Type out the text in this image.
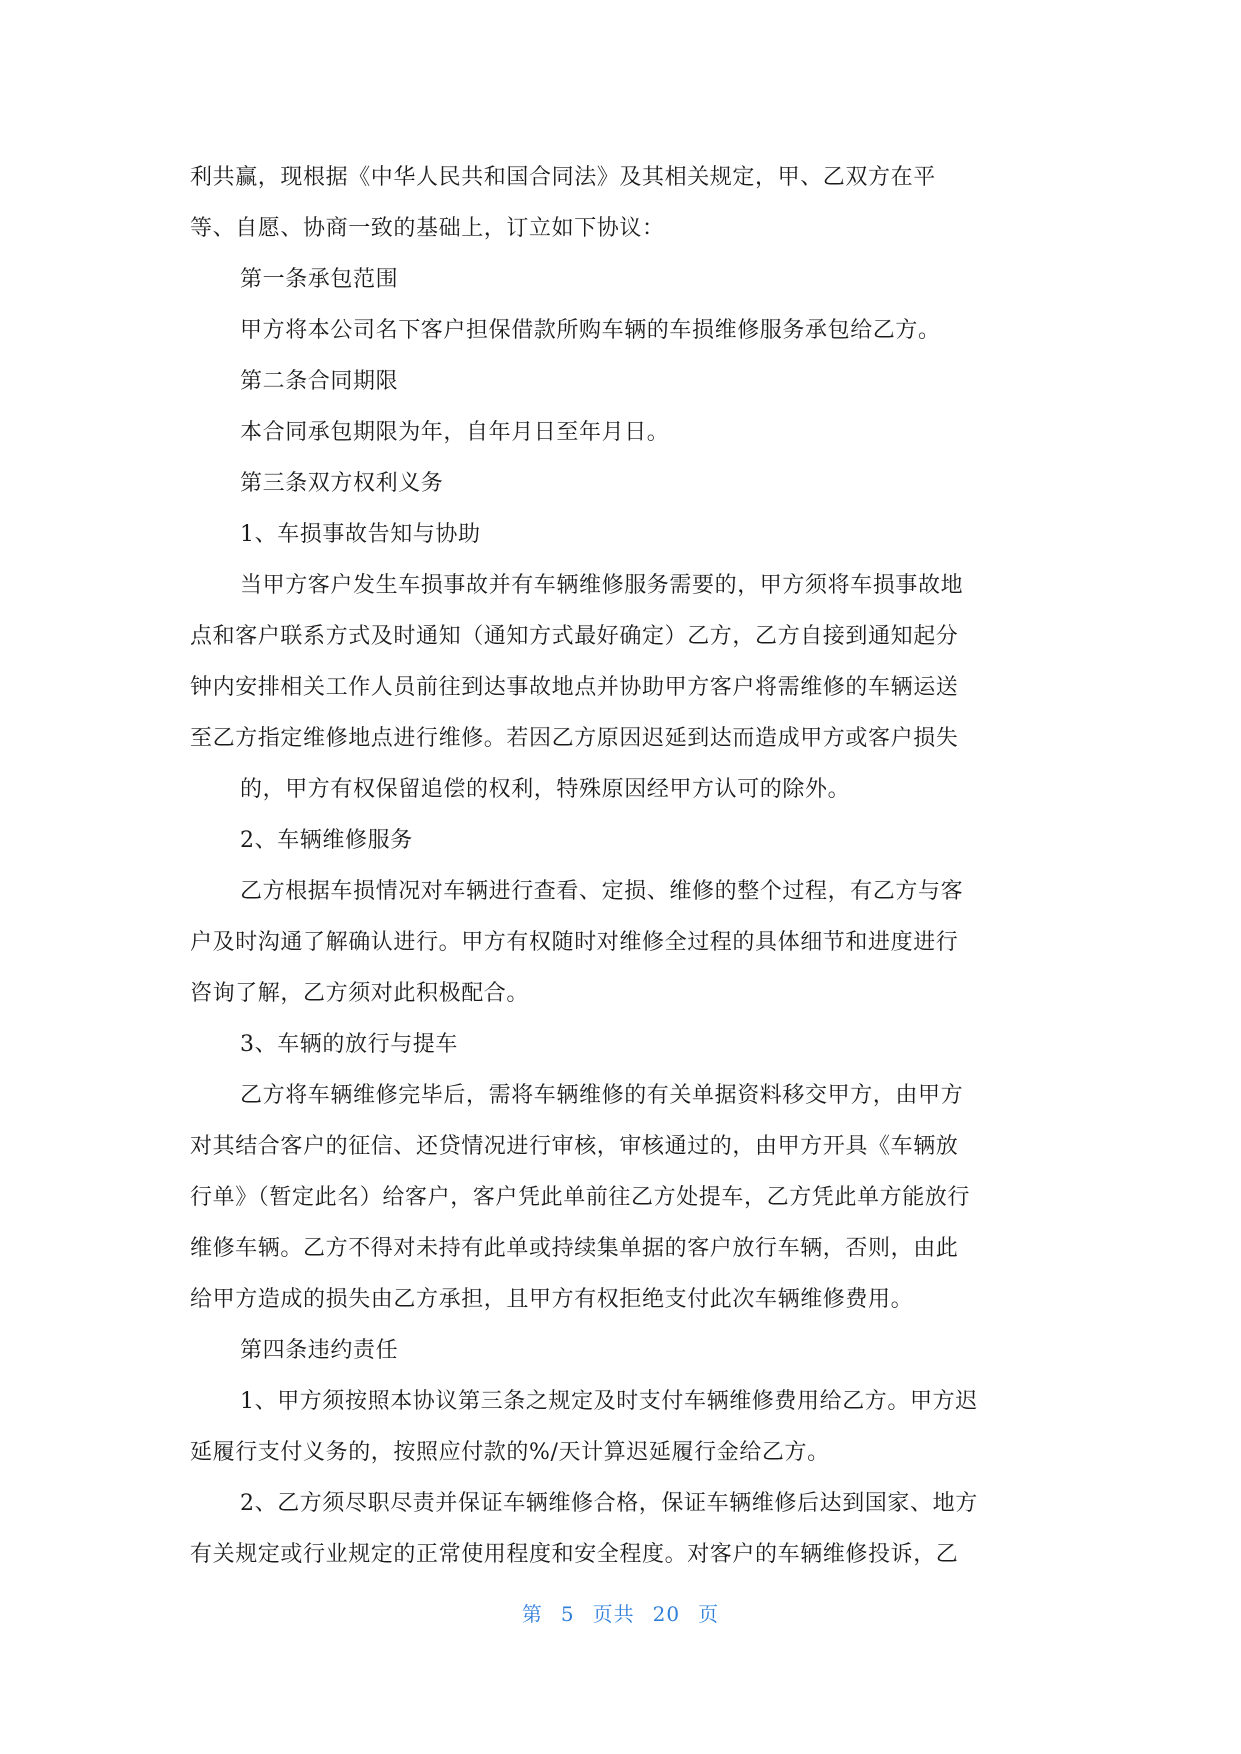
利共赢，现根据《中华人民共和国合同法》及其相关规定，甲、乙双方在平
等、自愿、协商一致的基础上，订立如下协议：
第一条承包范围
甲方将本公司名下客户担保借款所购车辆的车损维修服务承包给乙方。
第二条合同期限
本合同承包期限为年，自年月日至年月日。
第三条双方权利义务
1、车损事故告知与协助
当甲方客户发生车损事故并有车辆维修服务需要的，甲方须将车损事故地
点和客户联系方式及时通知（通知方式最好确定）乙方，乙方自接到通知起分
钟内安排相关工作人员前往到达事故地点并协助甲方客户将需维修的车辆运送
至乙方指定维修地点进行维修。若因乙方原因迟延到达而造成甲方或客户损失
的，甲方有权保留追偿的权利，特殊原因经甲方认可的除外。
2、车辆维修服务
乙方根据车损情况对车辆进行查看、定损、维修的整个过程，有乙方与客
户及时沟通了解确认进行。甲方有权随时对维修全过程的具体细节和进度进行
咨询了解，乙方须对此积极配合。
3、车辆的放行与提车
乙方将车辆维修完毕后，需将车辆维修的有关单据资料移交甲方，由甲方
对其结合客户的征信、还贷情况进行审核，审核通过的，由甲方开具《车辆放
行单》（暂定此名）给客户，客户凭此单前往乙方处提车，乙方凭此单方能放行
维修车辆。乙方不得对未持有此单或持续集单据的客户放行车辆，否则，由此
给甲方造成的损失由乙方承担，且甲方有权拒绝支付此次车辆维修费用。
第四条违约责任
1、甲方须按照本协议第三条之规定及时支付车辆维修费用给乙方。甲方迟
延履行支付义务的，按照应付款的%/天计算迟延履行金给乙方。
2、乙方须尽职尽责并保证车辆维修合格，保证车辆维修后达到国家、地方
有关规定或行业规定的正常使用程度和安全程度。对客户的车辆维修投诉，乙
第 5 页共 20 页
